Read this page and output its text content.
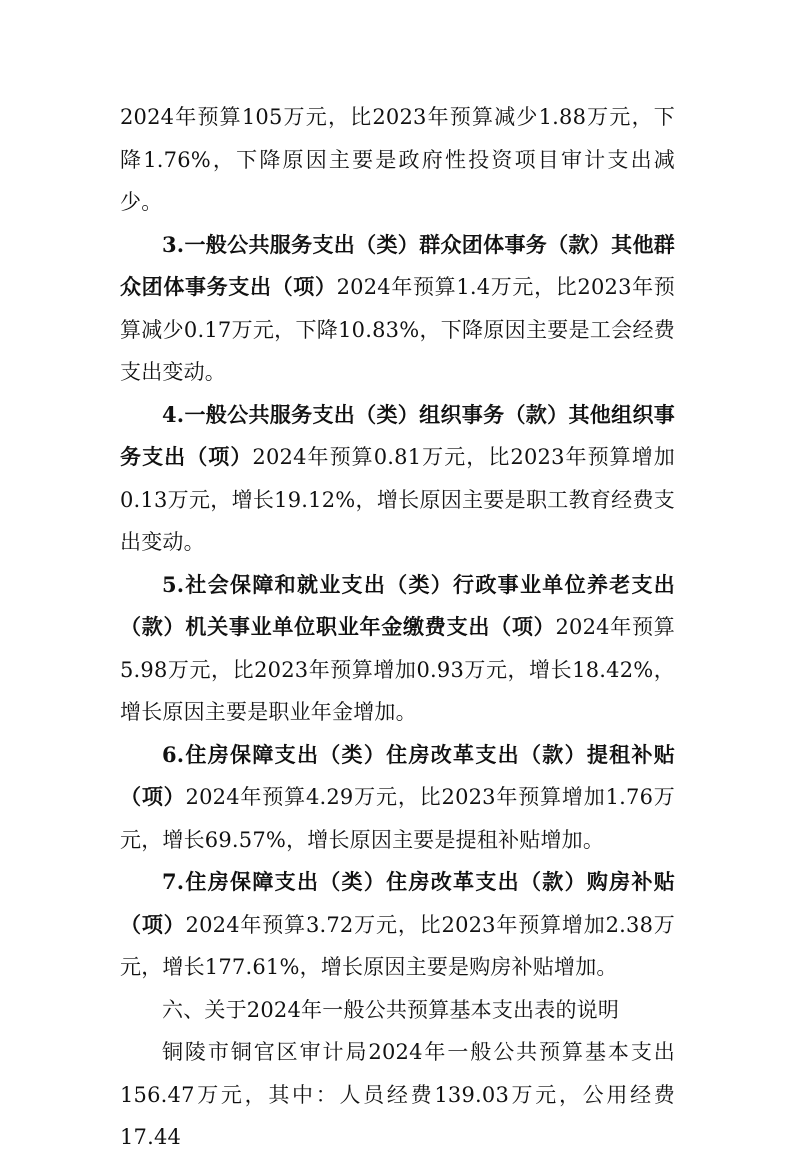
2024年预算105万元，比2023年预算减少1.88万元，下降1.76%，下降原因主要是政府性投资项目审计支出减少。

3.一般公共服务支出（类）群众团体事务（款）其他群众团体事务支出（项）2024年预算1.4万元，比2023年预算减少0.17万元，下降10.83%，下降原因主要是工会经费支出变动。

4.一般公共服务支出（类）组织事务（款）其他组织事务支出（项）2024年预算0.81万元，比2023年预算增加0.13万元，增长19.12%，增长原因主要是职工教育经费支出变动。

5.社会保障和就业支出（类）行政事业单位养老支出（款）机关事业单位职业年金缴费支出（项）2024年预算5.98万元，比2023年预算增加0.93万元，增长18.42%，增长原因主要是职业年金增加。

6.住房保障支出（类）住房改革支出（款）提租补贴（项）2024年预算4.29万元，比2023年预算增加1.76万元，增长69.57%，增长原因主要是提租补贴增加。

7.住房保障支出（类）住房改革支出（款）购房补贴（项）2024年预算3.72万元，比2023年预算增加2.38万元，增长177.61%，增长原因主要是购房补贴增加。

六、关于2024年一般公共预算基本支出表的说明

铜陵市铜官区审计局2024年一般公共预算基本支出156.47万元，其中：人员经费139.03万元，公用经费17.44
